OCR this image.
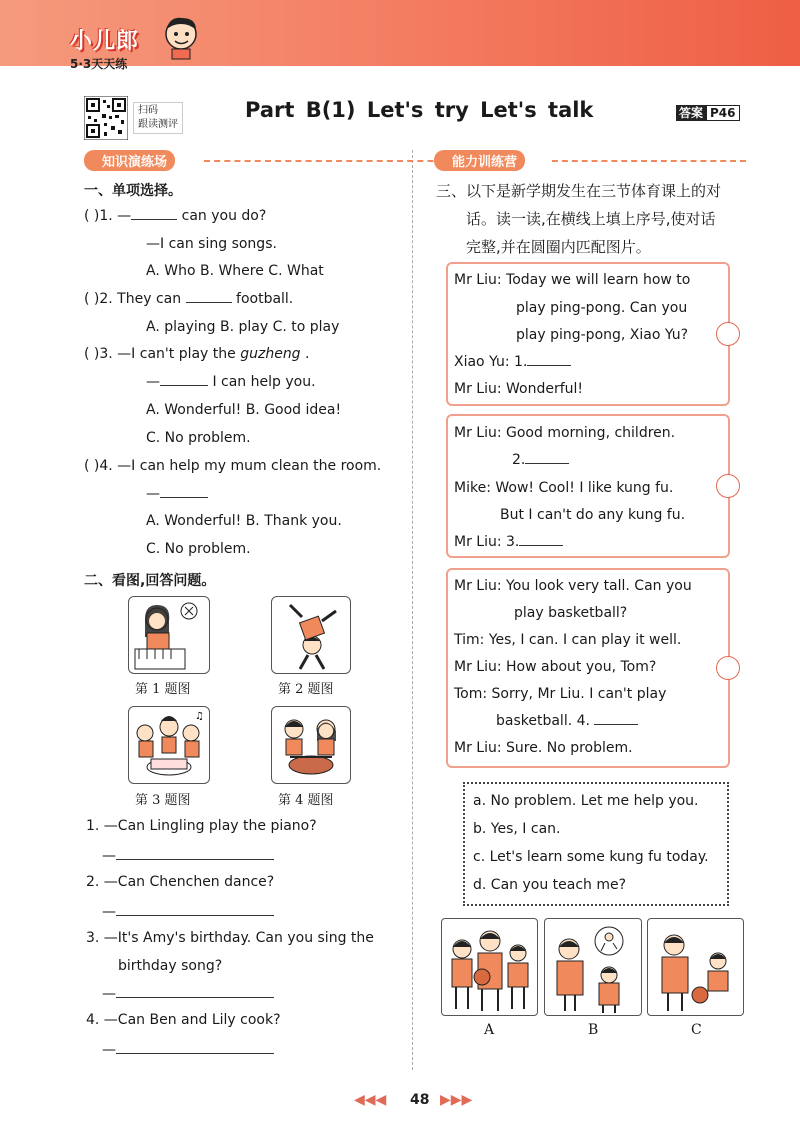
小儿郎
5·3天天练
扫码
跟读测评
Part B(1) Let's try Let's talk	答案 P46
知识演练场
一、单项选择。
( )1. —	can you do?
—I can sing songs.
A. Who B. Where C. What
( )2. They can	football.
A. playing B. play C. to play
( )3. —I can't play the guzheng .
—	I can help you.
A. Wonderful! B. Good idea!
C. No problem.
( )4. —I can help my mum clean the room.
—
A. Wonderful! B. Thank you.
C. No problem.
二、看图,回答问题。
第 1 题图	第 2 题图
♫
第 3 题图	第 4 题图
1. —Can Lingling play the piano?
—
2. —Can Chenchen dance?
—
3. —It's Amy's birthday. Can you sing the
birthday song?
—
4. —Can Ben and Lily cook?
—
能力训练营
三、以下是新学期发生在三节体育课上的对
话。读一读,在横线上填上序号,使对话
完整,并在圆圈内匹配图片。
Mr Liu: Today we will learn how to
play ping-pong. Can you
play ping-pong, Xiao Yu?
Xiao Yu: 1.
Mr Liu: Wonderful!
Mr Liu: Good morning, children.
2.
Mike: Wow! Cool! I like kung fu.
But I can't do any kung fu.
Mr Liu: 3.
Mr Liu: You look very tall. Can you
play basketball?
Tim: Yes, I can. I can play it well.
Mr Liu: How about you, Tom?
Tom: Sorry, Mr Liu. I can't play
basketball. 4.
Mr Liu: Sure. No problem.
a. No problem. Let me help you.
b. Yes, I can.
c. Let's learn some kung fu today.
d. Can you teach me?
A	B	C
◀◀◀ 48 ▶▶▶
